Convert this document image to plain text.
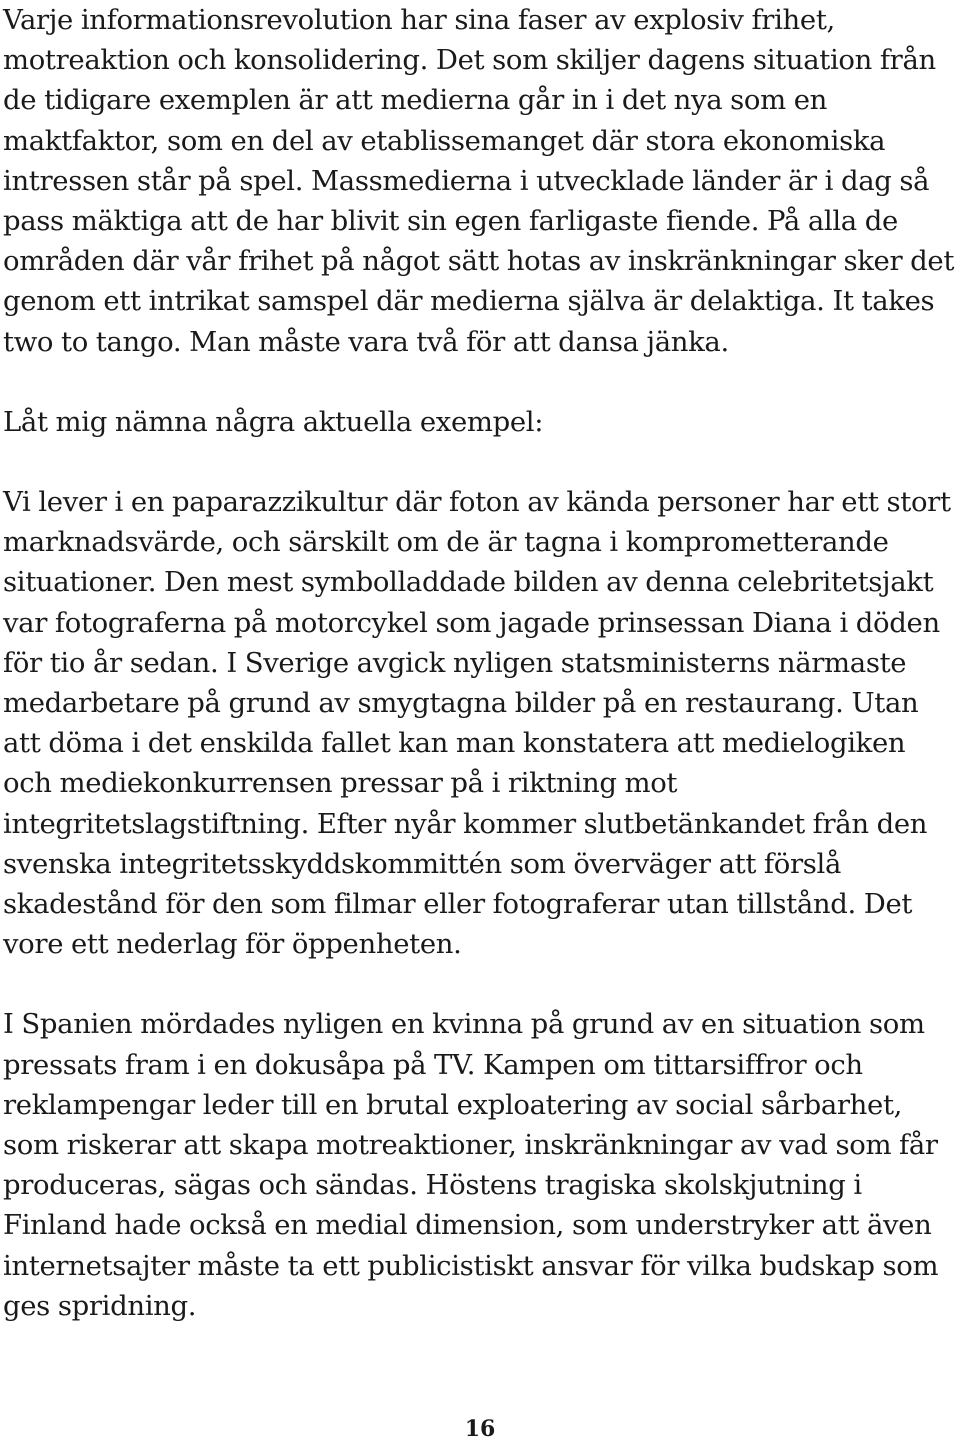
Varje informationsrevolution har sina faser av explosiv frihet, motreaktion och konsolidering. Det som skiljer dagens situation från de tidigare exemplen är att medierna går in i det nya som en maktfaktor, som en del av etablissemanget där stora ekonomiska intressen står på spel. Massmedierna i utvecklade länder är i dag så pass mäktiga att de har blivit sin egen farligaste fiende. På alla de områden där vår frihet på något sätt hotas av inskränkningar sker det genom ett intrikat samspel där medierna själva är delaktiga. It takes two to tango. Man måste vara två för att dansa jänka.

Låt mig nämna några aktuella exempel:

Vi lever i en paparazzikultur där foton av kända personer har ett stort marknadsvärde, och särskilt om de är tagna i komprometterande situationer. Den mest symbolladdade bilden av denna celebritetsjakt var fotograferna på motorcykel som jagade prinsessan Diana i döden för tio år sedan. I Sverige avgick nyligen statsministerns närmaste medarbetare på grund av smygtagna bilder på en restaurang. Utan att döma i det enskilda fallet kan man konstatera att medielogiken och mediekonkurrensen pressar på i riktning mot integritetslagstiftning. Efter nyår kommer slutbetänkandet från den svenska integritetsskyddskommittén som överväger att förslå skadestånd för den som filmar eller fotograferar utan tillstånd. Det vore ett nederlag för öppenheten.

I Spanien mördades nyligen en kvinna på grund av en situation som pressats fram i en dokusåpa på TV. Kampen om tittarsiffror och reklampengar leder till en brutal exploatering av social sårbarhet, som riskerar att skapa motreaktioner, inskränkningar av vad som får produceras, sägas och sändas. Höstens tragiska skolskjutning i Finland hade också en medial dimension, som understryker att även internetsajter måste ta ett publicistiskt ansvar för vilka budskap som ges spridning.

16
